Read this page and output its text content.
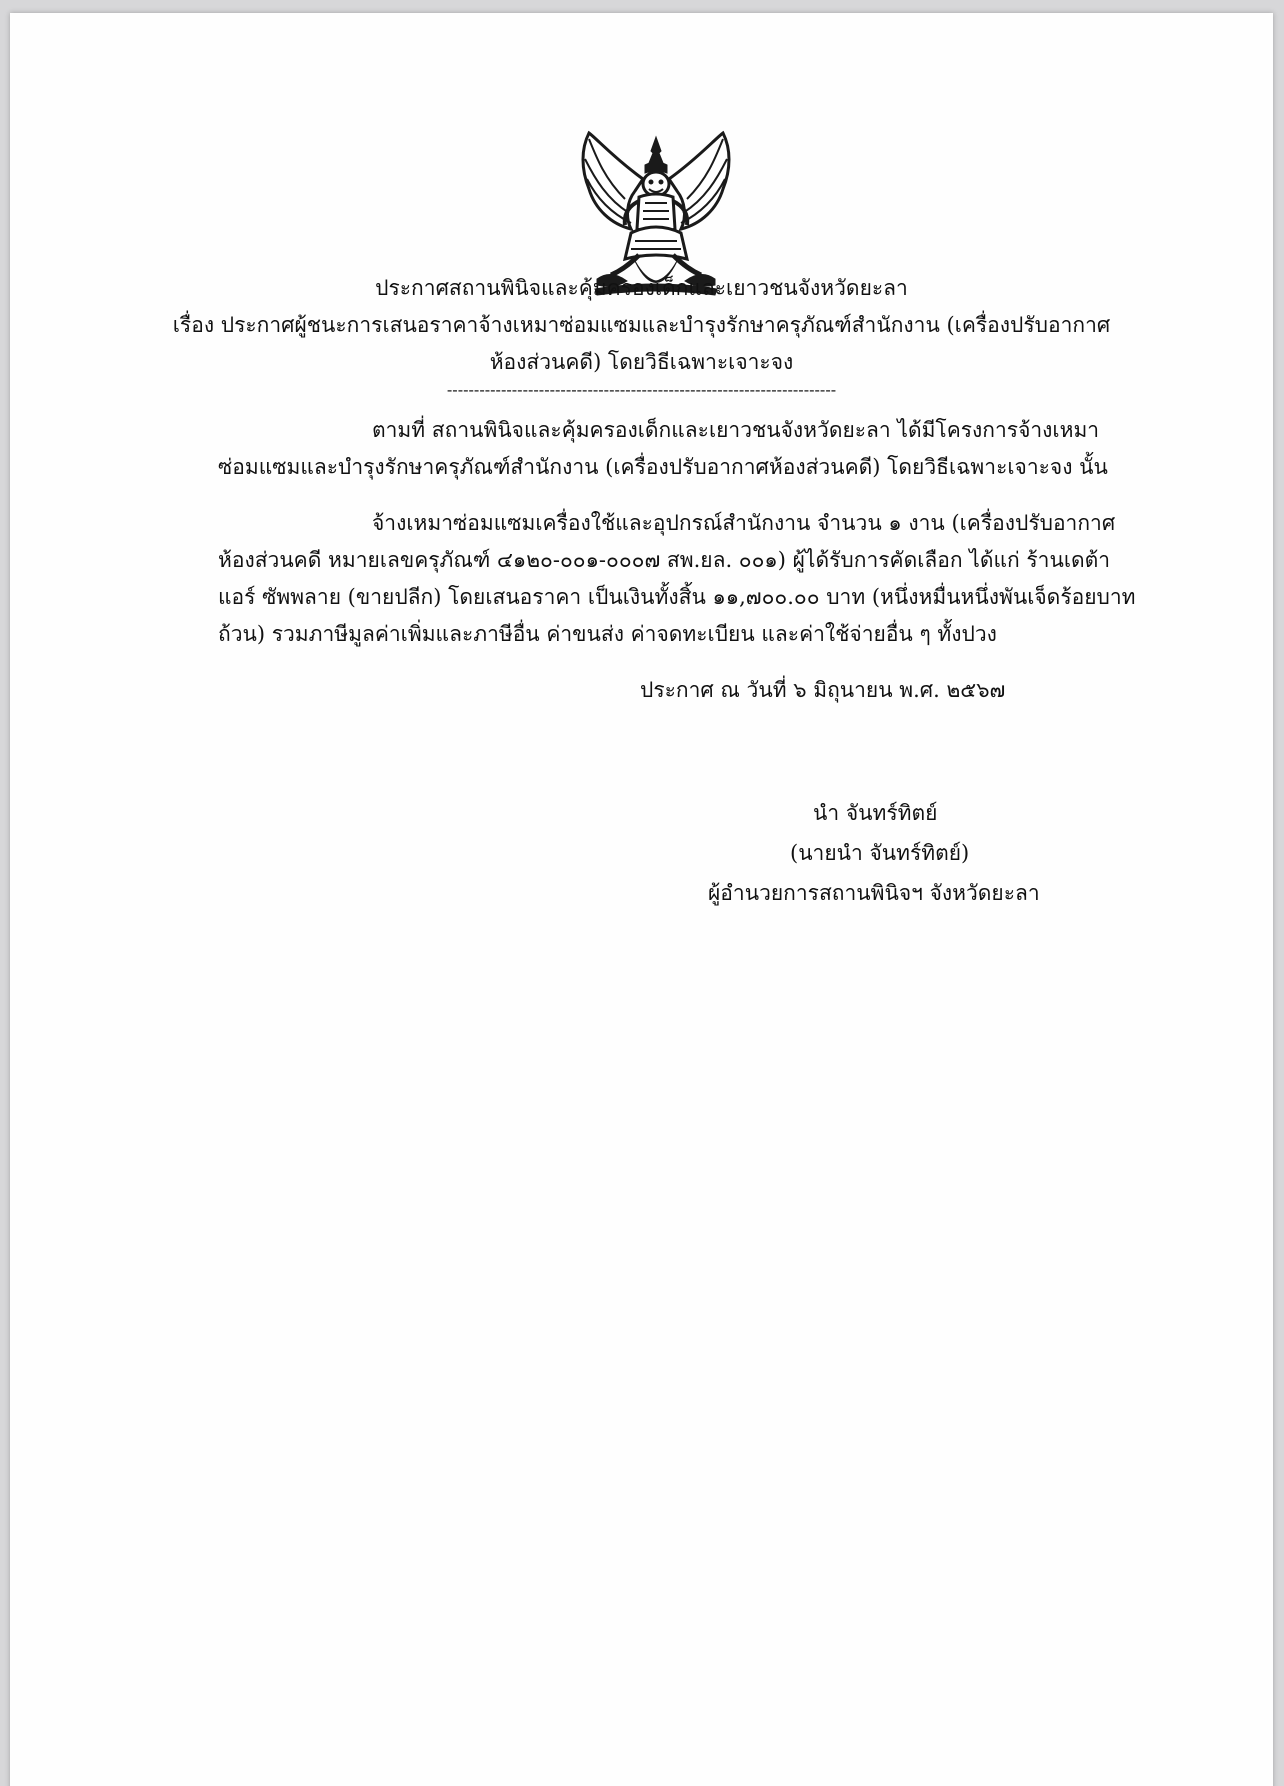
ประกาศสถานพินิจและคุ้มครองเด็กและเยาวชนจังหวัดยะลา
เรื่อง ประกาศผู้ชนะการเสนอราคาจ้างเหมาซ่อมแซมและบำรุงรักษาครุภัณฑ์สำนักงาน (เครื่องปรับอากาศ
ห้องส่วนคดี) โดยวิธีเฉพาะเจาะจง
------------------------------------------------------------------------
ตามที่ สถานพินิจและคุ้มครองเด็กและเยาวชนจังหวัดยะลา ได้มีโครงการจ้างเหมา
ซ่อมแซมและบำรุงรักษาครุภัณฑ์สำนักงาน (เครื่องปรับอากาศห้องส่วนคดี) โดยวิธีเฉพาะเจาะจง นั้น
จ้างเหมาซ่อมแซมเครื่องใช้และอุปกรณ์สำนักงาน จำนวน ๑ งาน (เครื่องปรับอากาศ
ห้องส่วนคดี หมายเลขครุภัณฑ์ ๔๑๒๐-๐๐๑-๐๐๐๗ สพ.ยล. ๐๐๑) ผู้ได้รับการคัดเลือก ได้แก่ ร้านเดต้า
แอร์ ซัพพลาย (ขายปลีก) โดยเสนอราคา เป็นเงินทั้งสิ้น ๑๑,๗๐๐.๐๐ บาท (หนึ่งหมื่นหนึ่งพันเจ็ดร้อยบาท
ถ้วน) รวมภาษีมูลค่าเพิ่มและภาษีอื่น ค่าขนส่ง ค่าจดทะเบียน และค่าใช้จ่ายอื่น ๆ ทั้งปวง
ประกาศ ณ วันที่ ๖ มิถุนายน พ.ศ. ๒๕๖๗
นำ จันทร์ทิตย์
(นายนำ จันทร์ทิตย์)
ผู้อำนวยการสถานพินิจฯ จังหวัดยะลา
